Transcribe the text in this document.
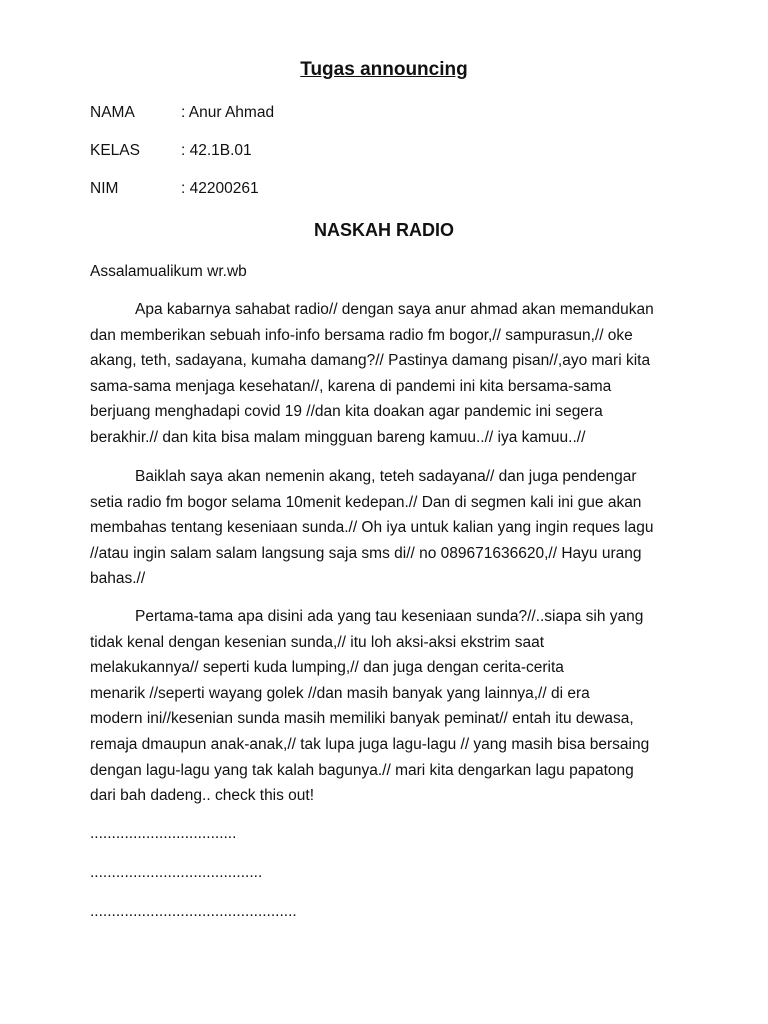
Tugas announcing
NAMA	: Anur Ahmad
KELAS	: 42.1B.01
NIM	: 42200261
NASKAH RADIO
Assalamualikum wr.wb
Apa kabarnya sahabat radio// dengan saya anur ahmad akan memandukan
dan memberikan sebuah info-info bersama radio fm bogor,// sampurasun,// oke
akang, teth, sadayana, kumaha damang?// Pastinya damang pisan//,ayo mari kita
sama-sama menjaga kesehatan//, karena di pandemi ini kita bersama-sama
berjuang menghadapi covid 19 //dan kita doakan agar pandemic ini segera
berakhir.// dan kita bisa malam mingguan bareng kamuu..// iya kamuu..//
Baiklah saya akan nemenin akang, teteh sadayana// dan juga pendengar
setia radio fm bogor selama 10menit kedepan.// Dan di segmen kali ini gue akan
membahas tentang keseniaan sunda.// Oh iya untuk kalian yang ingin reques lagu
//atau ingin salam salam langsung saja sms di// no 089671636620,// Hayu urang
bahas.//
Pertama-tama apa disini ada yang tau keseniaan sunda?//..siapa sih yang
tidak kenal dengan kesenian sunda,// itu loh aksi-aksi ekstrim saat
melakukannya// seperti kuda lumping,// dan juga dengan cerita-cerita
menarik //seperti wayang golek //dan masih banyak yang lainnya,// di era
modern ini//kesenian sunda masih memiliki banyak peminat// entah itu dewasa,
remaja dmaupun anak-anak,// tak lupa juga lagu-lagu // yang masih bisa bersaing
dengan lagu-lagu yang tak kalah bagunya.// mari kita dengarkan lagu papatong
dari bah dadeng.. check this out!
..................................
........................................
................................................
